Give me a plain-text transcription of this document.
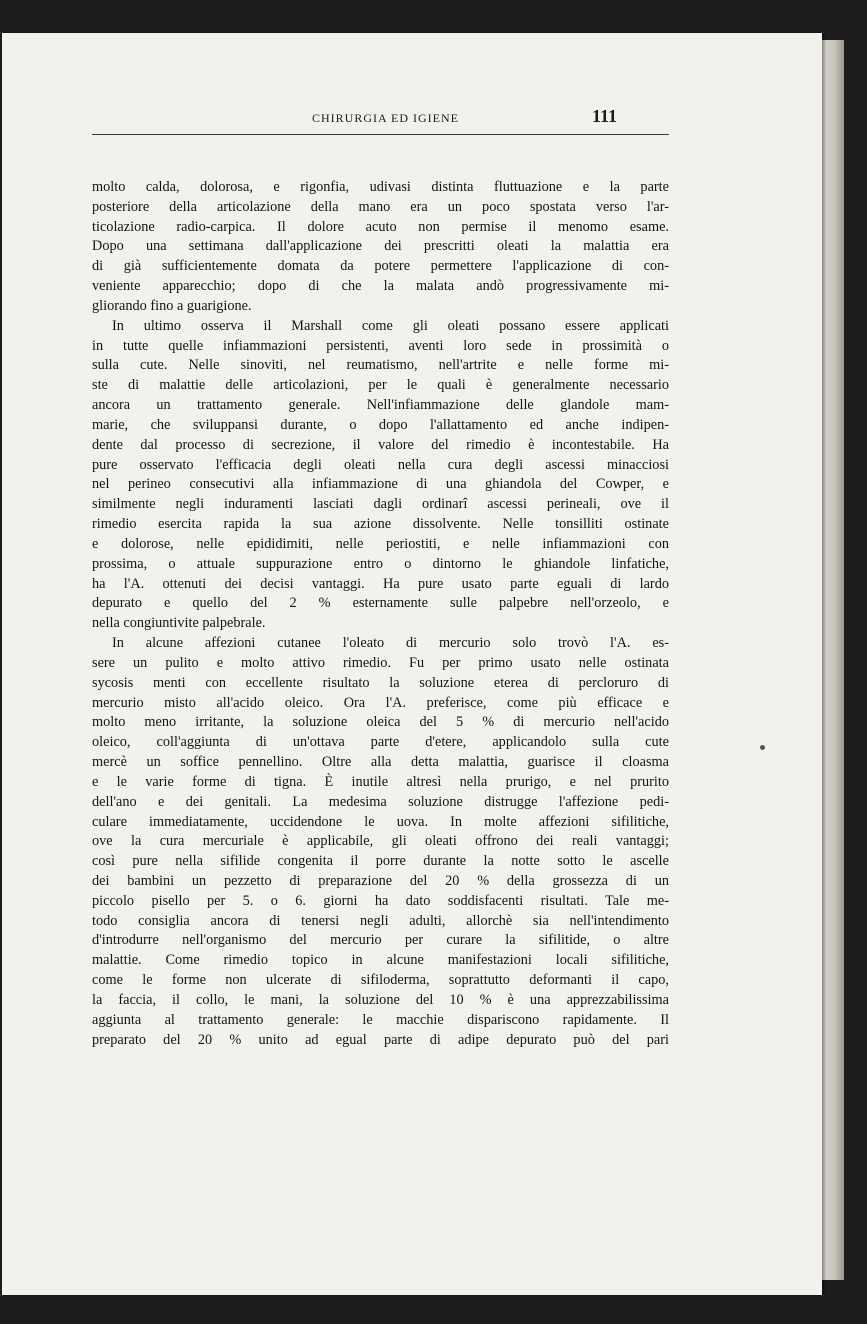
CHIRURGIA ED IGIENE	111
molto calda, dolorosa, e rigonfia, udivasi distinta fluttuazione e la parte
posteriore della articolazione della mano era un poco spostata verso l'ar-
ticolazione radio-carpica. Il dolore acuto non permise il menomo esame.
Dopo una settimana dall'applicazione dei prescritti oleati la malattia era
di già sufficientemente domata da potere permettere l'applicazione di con-
veniente apparecchio; dopo di che la malata andò progressivamente mi-
gliorando fino a guarigione.
In ultimo osserva il Marshall come gli oleati possano essere applicati
in tutte quelle infiammazioni persistenti, aventi loro sede in prossimità o
sulla cute. Nelle sinoviti, nel reumatismo, nell'artrite e nelle forme mi-
ste di malattie delle articolazioni, per le quali è generalmente necessario
ancora un trattamento generale. Nell'infiammazione delle glandole mam-
marie, che sviluppansi durante, o dopo l'allattamento ed anche indipen-
dente dal processo di secrezione, il valore del rimedio è incontestabile. Ha
pure osservato l'efficacia degli oleati nella cura degli ascessi minacciosi
nel perineo consecutivi alla infiammazione di una ghiandola del Cowper, e
similmente negli induramenti lasciati dagli ordinarî ascessi perineali, ove il
rimedio esercita rapida la sua azione dissolvente. Nelle tonsilliti ostinate
e dolorose, nelle epididimiti, nelle periostiti, e nelle infiammazioni con
prossima, o attuale suppurazione entro o dintorno le ghiandole linfatiche,
ha l'A. ottenuti dei decisi vantaggi. Ha pure usato parte eguali di lardo
depurato e quello del 2 % esternamente sulle palpebre nell'orzeolo, e
nella congiuntivite palpebrale.
In alcune affezioni cutanee l'oleato di mercurio solo trovò l'A. es-
sere un pulito e molto attivo rimedio. Fu per primo usato nelle ostinata
sycosis menti con eccellente risultato la soluzione eterea di percloruro di
mercurio misto all'acido oleico. Ora l'A. preferisce, come più efficace e
molto meno irritante, la soluzione oleica del 5 % di mercurio nell'acido
oleico, coll'aggiunta di un'ottava parte d'etere, applicandolo sulla cute
mercè un soffice pennellino. Oltre alla detta malattia, guarisce il cloasma
e le varie forme di tigna. È inutile altresì nella prurigo, e nel prurito
dell'ano e dei genitali. La medesima soluzione distrugge l'affezione pedi-
culare immediatamente, uccidendone le uova. In molte affezioni sifilitiche,
ove la cura mercuriale è applicabile, gli oleati offrono dei reali vantaggi;
così pure nella sifilide congenita il porre durante la notte sotto le ascelle
dei bambini un pezzetto di preparazione del 20 % della grossezza di un
piccolo pisello per 5. o 6. giorni ha dato soddisfacenti risultati. Tale me-
todo consiglia ancora di tenersi negli adulti, allorchè sia nell'intendimento
d'introdurre nell'organismo del mercurio per curare la sifilitide, o altre
malattie. Come rimedio topico in alcune manifestazioni locali sifilitiche,
come le forme non ulcerate di sifiloderma, soprattutto deformanti il capo,
la faccia, il collo, le mani, la soluzione del 10 % è una apprezzabilissima
aggiunta al trattamento generale: le macchie dispariscono rapidamente. Il
preparato del 20 % unito ad egual parte di adipe depurato può del pari
